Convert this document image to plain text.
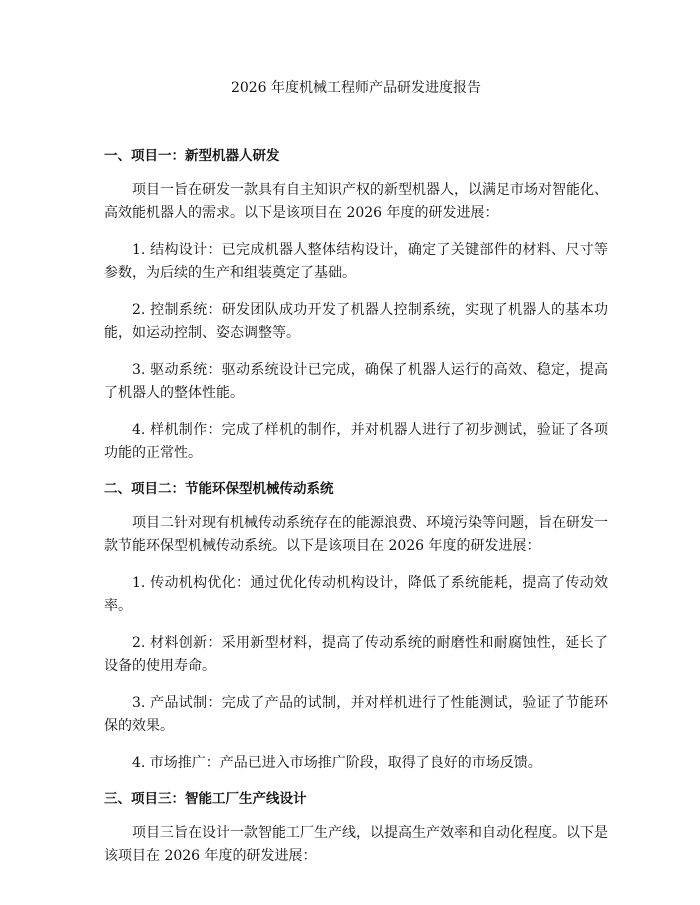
2026 年度机械工程师产品研发进度报告
一、项目一：新型机器人研发

项目一旨在研发一款具有自主知识产权的新型机器人，以满足市场对智能化、高效能机器人的需求。以下是该项目在 2026 年度的研发进展：

1. 结构设计：已完成机器人整体结构设计，确定了关键部件的材料、尺寸等参数，为后续的生产和组装奠定了基础。

2. 控制系统：研发团队成功开发了机器人控制系统，实现了机器人的基本功能，如运动控制、姿态调整等。

3. 驱动系统：驱动系统设计已完成，确保了机器人运行的高效、稳定，提高了机器人的整体性能。

4. 样机制作：完成了样机的制作，并对机器人进行了初步测试，验证了各项功能的正常性。

二、项目二：节能环保型机械传动系统

项目二针对现有机械传动系统存在的能源浪费、环境污染等问题，旨在研发一款节能环保型机械传动系统。以下是该项目在 2026 年度的研发进展：

1. 传动机构优化：通过优化传动机构设计，降低了系统能耗，提高了传动效率。

2. 材料创新：采用新型材料，提高了传动系统的耐磨性和耐腐蚀性，延长了设备的使用寿命。

3. 产品试制：完成了产品的试制，并对样机进行了性能测试，验证了节能环保的效果。

4. 市场推广：产品已进入市场推广阶段，取得了良好的市场反馈。

三、项目三：智能工厂生产线设计

项目三旨在设计一款智能工厂生产线，以提高生产效率和自动化程度。以下是该项目在 2026 年度的研发进展：
